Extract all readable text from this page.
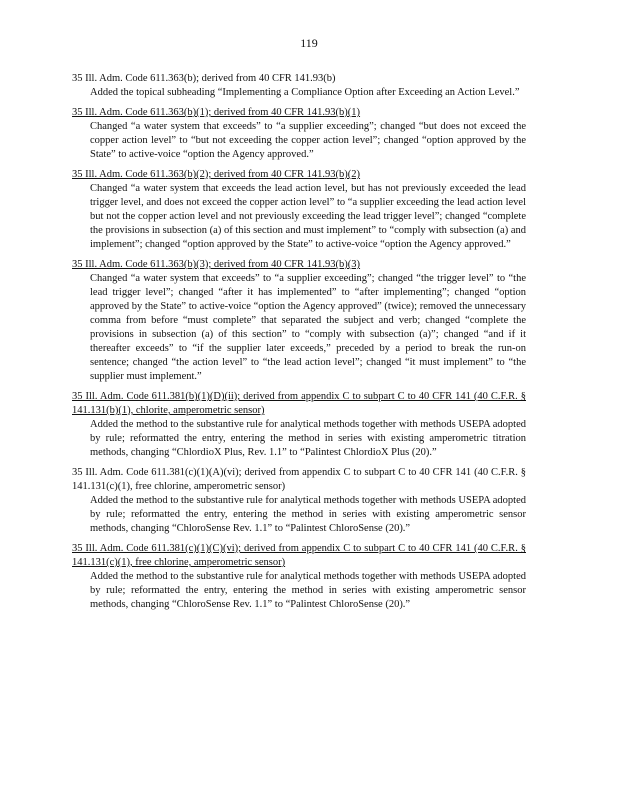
119
35 Ill. Adm. Code 611.363(b); derived from 40 CFR 141.93(b)
Added the topical subheading “Implementing a Compliance Option after Exceeding an Action Level.”
35 Ill. Adm. Code 611.363(b)(1); derived from 40 CFR 141.93(b)(1)
Changed “a water system that exceeds” to “a supplier exceeding”; changed “but does not exceed the copper action level” to “but not exceeding the copper action level”; changed “option approved by the State” to active-voice “option the Agency approved.”
35 Ill. Adm. Code 611.363(b)(2); derived from 40 CFR 141.93(b)(2)
Changed “a water system that exceeds the lead action level, but has not previously exceeded the lead trigger level, and does not exceed the copper action level” to “a supplier exceeding the lead action level but not the copper action level and not previously exceeding the lead trigger level”; changed “complete the provisions in subsection (a) of this section and must implement” to “comply with subsection (a) and implement”; changed “option approved by the State” to active-voice “option the Agency approved.”
35 Ill. Adm. Code 611.363(b)(3); derived from 40 CFR 141.93(b)(3)
Changed “a water system that exceeds” to “a supplier exceeding”; changed “the trigger level” to “the lead trigger level”; changed “after it has implemented” to “after implementing”; changed “option approved by the State” to active-voice “option the Agency approved” (twice); removed the unnecessary comma from before “must complete” that separated the subject and verb; changed “complete the provisions in subsection (a) of this section” to “comply with subsection (a)”; changed “and if it thereafter exceeds” to “if the supplier later exceeds,” preceded by a period to break the run-on sentence; changed “the action level” to “the lead action level”; changed “it must implement” to “the supplier must implement.”
35 Ill. Adm. Code 611.381(b)(1)(D)(ii); derived from appendix C to subpart C to 40 CFR 141 (40 C.F.R. § 141.131(b)(1), chlorite, amperometric sensor)
Added the method to the substantive rule for analytical methods together with methods USEPA adopted by rule; reformatted the entry, entering the method in series with existing amperometric titration methods, changing “ChlordioX Plus, Rev. 1.1” to “Palintest ChlordioX Plus (20).”
35 Ill. Adm. Code 611.381(c)(1)(A)(vi); derived from appendix C to subpart C to 40 CFR 141 (40 C.F.R. § 141.131(c)(1), free chlorine, amperometric sensor)
Added the method to the substantive rule for analytical methods together with methods USEPA adopted by rule; reformatted the entry, entering the method in series with existing amperometric sensor methods, changing “ChloroSense Rev. 1.1” to “Palintest ChloroSense (20).”
35 Ill. Adm. Code 611.381(c)(1)(C)(vi); derived from appendix C to subpart C to 40 CFR 141 (40 C.F.R. § 141.131(c)(1), free chlorine, amperometric sensor)
Added the method to the substantive rule for analytical methods together with methods USEPA adopted by rule; reformatted the entry, entering the method in series with existing amperometric sensor methods, changing “ChloroSense Rev. 1.1” to “Palintest ChloroSense (20).”
